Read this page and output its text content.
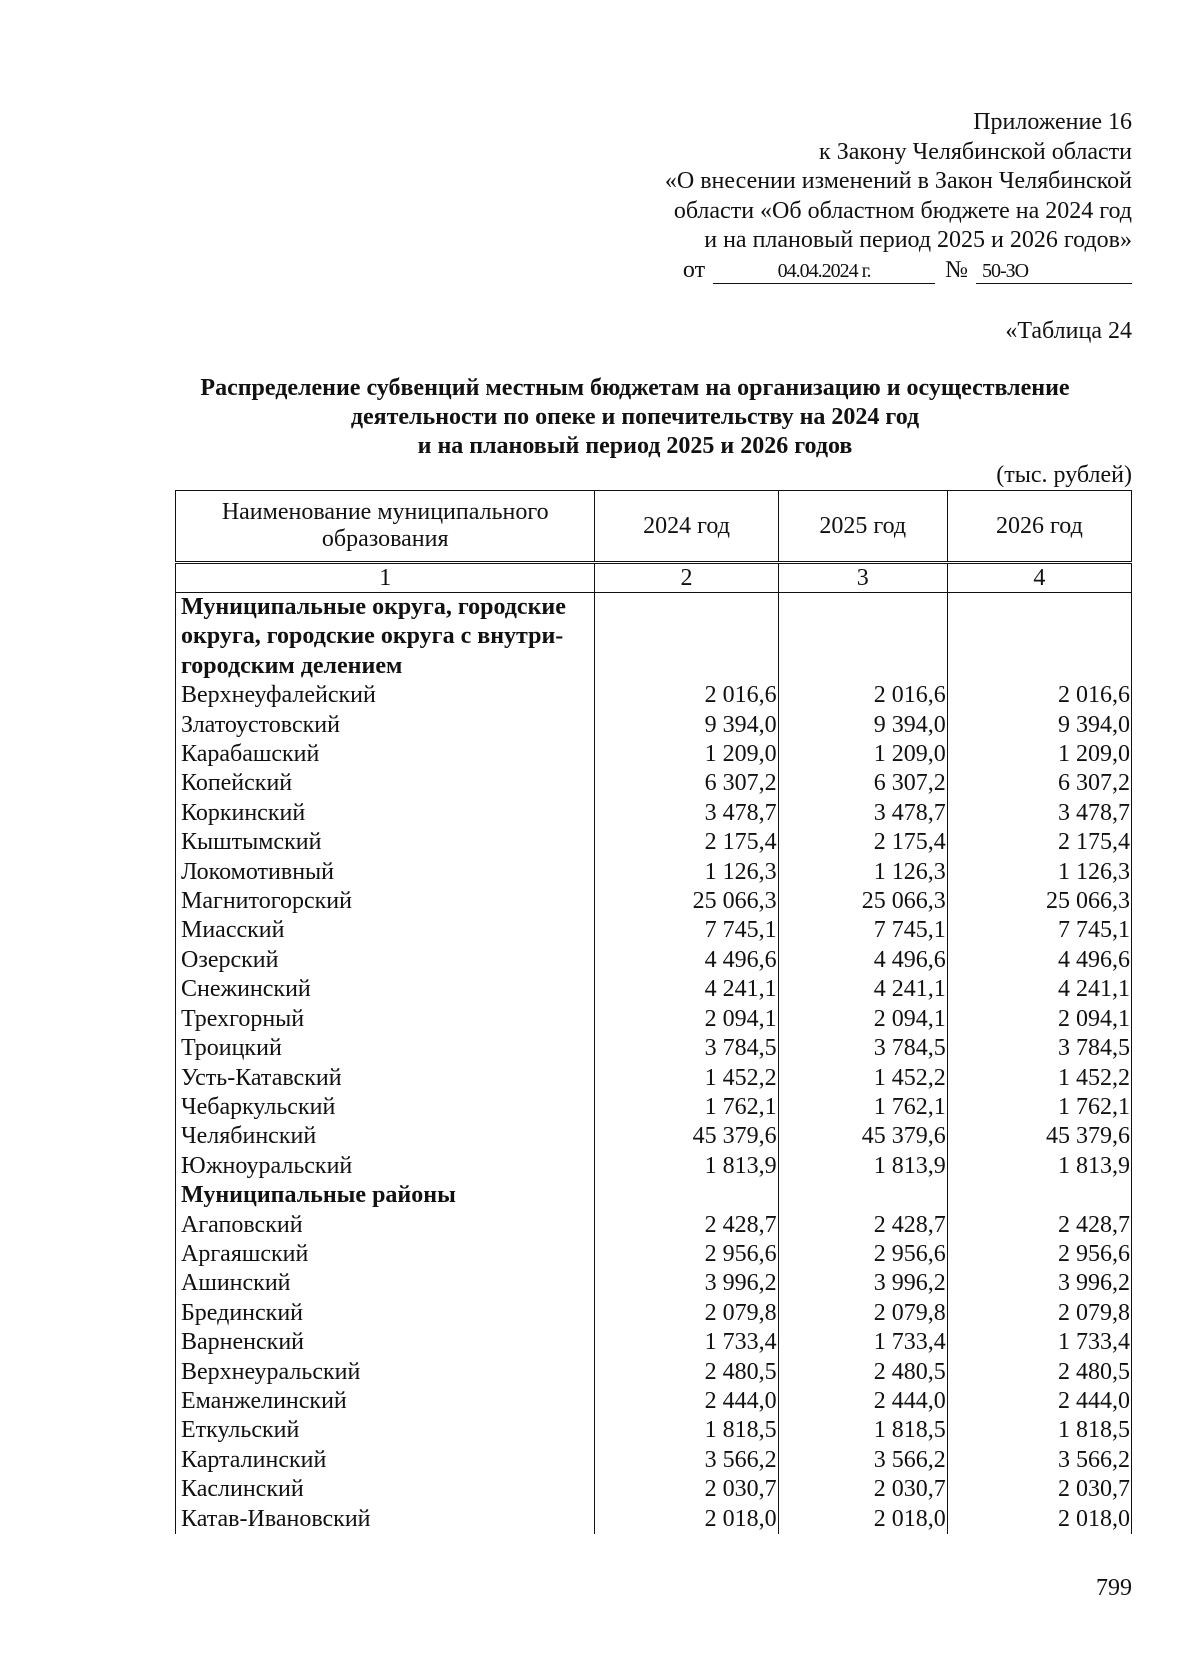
Приложение 16
к Закону Челябинской области
«О внесении изменений в Закон Челябинской
области «Об областном бюджете на 2024 год
и на плановый период 2025 и 2026 годов»
от	04.04.2024 г.	№ 50-ЗО
«Таблица 24
Распределение субвенций местным бюджетам на организацию и осуществление
деятельности по опеке и попечительству на 2024 год
и на плановый период 2025 и 2026 годов
(тыс. рублей)
Наименование муниципального образования	2024 год	2025 год	2026 год
1	2	3	4
Муниципальные округа, городские округа, городские округа с внутри-городским делением			
Верхнеуфалейский	2 016,6	2 016,6	2 016,6
Златоустовский	9 394,0	9 394,0	9 394,0
Карабашский	1 209,0	1 209,0	1 209,0
Копейский	6 307,2	6 307,2	6 307,2
Коркинский	3 478,7	3 478,7	3 478,7
Кыштымский	2 175,4	2 175,4	2 175,4
Локомотивный	1 126,3	1 126,3	1 126,3
Магнитогорский	25 066,3	25 066,3	25 066,3
Миасский	7 745,1	7 745,1	7 745,1
Озерский	4 496,6	4 496,6	4 496,6
Снежинский	4 241,1	4 241,1	4 241,1
Трехгорный	2 094,1	2 094,1	2 094,1
Троицкий	3 784,5	3 784,5	3 784,5
Усть-Катавский	1 452,2	1 452,2	1 452,2
Чебаркульский	1 762,1	1 762,1	1 762,1
Челябинский	45 379,6	45 379,6	45 379,6
Южноуральский	1 813,9	1 813,9	1 813,9
Муниципальные районы			
Агаповский	2 428,7	2 428,7	2 428,7
Аргаяшский	2 956,6	2 956,6	2 956,6
Ашинский	3 996,2	3 996,2	3 996,2
Брединский	2 079,8	2 079,8	2 079,8
Варненский	1 733,4	1 733,4	1 733,4
Верхнеуральский	2 480,5	2 480,5	2 480,5
Еманжелинский	2 444,0	2 444,0	2 444,0
Еткульский	1 818,5	1 818,5	1 818,5
Карталинский	3 566,2	3 566,2	3 566,2
Каслинский	2 030,7	2 030,7	2 030,7
Катав-Ивановский	2 018,0	2 018,0	2 018,0
799
